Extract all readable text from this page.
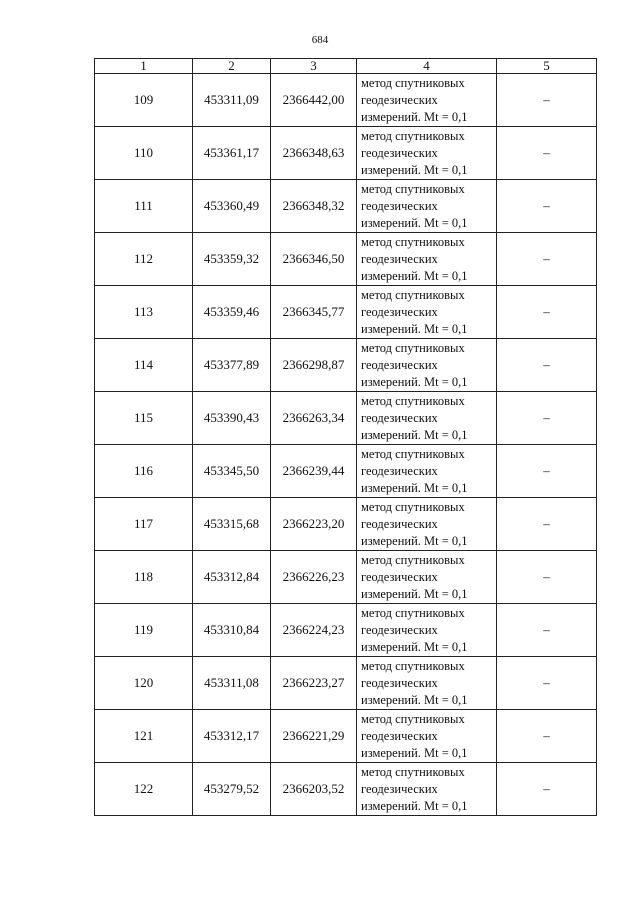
684
1	2	3	4	5
109	453311,09	2366442,00	метод спутниковых
геодезических
измерений. Mt = 0,1	–
110	453361,17	2366348,63	метод спутниковых
геодезических
измерений. Mt = 0,1	–
111	453360,49	2366348,32	метод спутниковых
геодезических
измерений. Mt = 0,1	–
112	453359,32	2366346,50	метод спутниковых
геодезических
измерений. Mt = 0,1	–
113	453359,46	2366345,77	метод спутниковых
геодезических
измерений. Mt = 0,1	–
114	453377,89	2366298,87	метод спутниковых
геодезических
измерений. Mt = 0,1	–
115	453390,43	2366263,34	метод спутниковых
геодезических
измерений. Mt = 0,1	–
116	453345,50	2366239,44	метод спутниковых
геодезических
измерений. Mt = 0,1	–
117	453315,68	2366223,20	метод спутниковых
геодезических
измерений. Mt = 0,1	–
118	453312,84	2366226,23	метод спутниковых
геодезических
измерений. Mt = 0,1	–
119	453310,84	2366224,23	метод спутниковых
геодезических
измерений. Mt = 0,1	–
120	453311,08	2366223,27	метод спутниковых
геодезических
измерений. Mt = 0,1	–
121	453312,17	2366221,29	метод спутниковых
геодезических
измерений. Mt = 0,1	–
122	453279,52	2366203,52	метод спутниковых
геодезических
измерений. Mt = 0,1	–
